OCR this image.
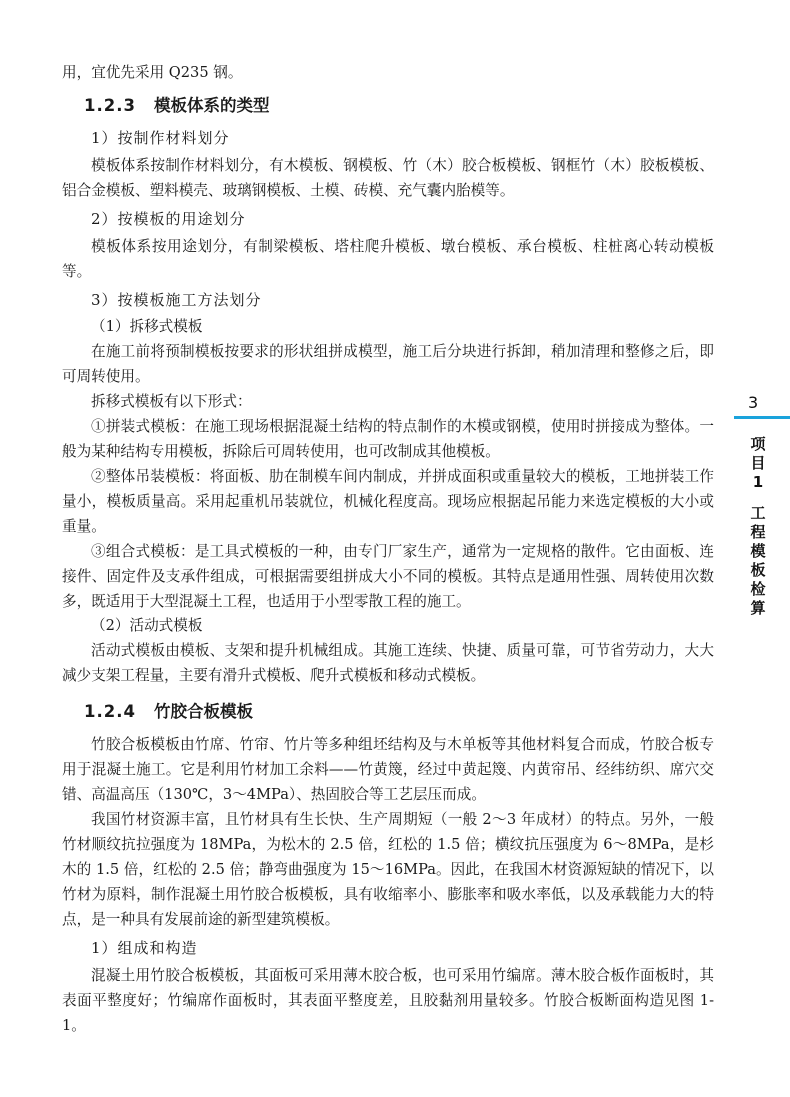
用，宜优先采用 Q235 钢。

1.2.3 模板体系的类型
1）按制作材料划分

模板体系按制作材料划分，有木模板、钢模板、竹（木）胶合板模板、钢框竹（木）胶板模板、铝合金模板、塑料模壳、玻璃钢模板、土模、砖模、充气囊内胎模等。

2）按模板的用途划分

模板体系按用途划分，有制梁模板、塔柱爬升模板、墩台模板、承台模板、柱桩离心转动模板等。

3）按模板施工方法划分
（1）拆移式模板

在施工前将预制模板按要求的形状组拼成模型，施工后分块进行拆卸，稍加清理和整修之后，即可周转使用。

拆移式模板有以下形式：

①拼装式模板：在施工现场根据混凝土结构的特点制作的木模或钢模，使用时拼接成为整体。一般为某种结构专用模板，拆除后可周转使用，也可改制成其他模板。

②整体吊装模板：将面板、肋在制模车间内制成，并拼成面积或重量较大的模板，工地拼装工作量小，模板质量高。采用起重机吊装就位，机械化程度高。现场应根据起吊能力来选定模板的大小或重量。

③组合式模板：是工具式模板的一种，由专门厂家生产，通常为一定规格的散件。它由面板、连接件、固定件及支承件组成，可根据需要组拼成大小不同的模板。其特点是通用性强、周转使用次数多，既适用于大型混凝土工程，也适用于小型零散工程的施工。

（2）活动式模板

活动式模板由模板、支架和提升机械组成。其施工连续、快捷、质量可靠，可节省劳动力，大大减少支架工程量，主要有滑升式模板、爬升式模板和移动式模板。

1.2.4 竹胶合板模板

竹胶合板模板由竹席、竹帘、竹片等多种组坯结构及与木单板等其他材料复合而成，竹胶合板专用于混凝土施工。它是利用竹材加工余料——竹黄篾，经过中黄起篾、内黄帘吊、经纬纺织、席穴交错、高温高压（130℃，3～4MPa）、热固胶合等工艺层压而成。

我国竹材资源丰富，且竹材具有生长快、生产周期短（一般 2～3 年成材）的特点。另外，一般竹材顺纹抗拉强度为 18MPa，为松木的 2.5 倍，红松的 1.5 倍；横纹抗压强度为 6～8MPa，是杉木的 1.5 倍，红松的 2.5 倍；静弯曲强度为 15～16MPa。因此，在我国木材资源短缺的情况下，以竹材为原料，制作混凝土用竹胶合板模板，具有收缩率小、膨胀率和吸水率低，以及承载能力大的特点，是一种具有发展前途的新型建筑模板。

1）组成和构造

混凝土用竹胶合板模板，其面板可采用薄木胶合板，也可采用竹编席。薄木胶合板作面板时，其表面平整度好；竹编席作面板时，其表面平整度差，且胶黏剂用量较多。竹胶合板断面构造见图 1-1。

3
项
目
1
工
程
模
板
检
算
